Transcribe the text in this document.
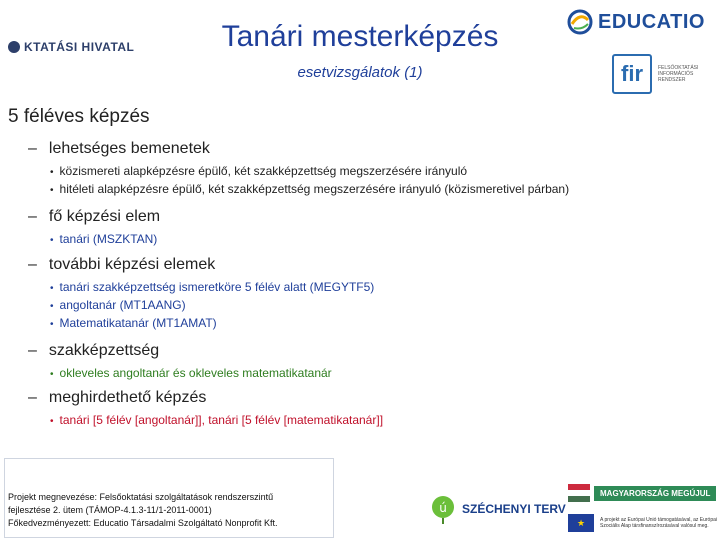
KTATÁSI HIVATAL	Tanári mesterképzés
esetvizsgálatok (1)
EDUCATIO
fir	FELSŐOKTATÁSI INFORMÁCIÓS RENDSZER
5 féléves képzés
– lehetséges bemenetek
• közismereti alapképzésre épülő, két szakképzettség megszerzésére irányuló
• hitéleti alapképzésre épülő, két szakképzettség megszerzésére irányuló (közismeretivel párban)
– fő képzési elem
• tanári (MSZKTAN)
– további képzési elemek
• tanári szakképzettség ismeretköre 5 félév alatt (MEGYTF5)
• angoltanár (MT1AANG)
• Matematikatanár (MT1AMAT)
– szakképzettség
• okleveles angoltanár és okleveles matematikatanár
– meghirdethető képzés
• tanári [5 félév [angoltanár]], tanári [5 félév [matematikatanár]]
Projekt megnevezése: Felsőoktatási szolgáltatások rendszerszintű
fejlesztése 2. ütem (TÁMOP-4.1.3-11/1-2011-0001)
Főkedvezményezett: Educatio Társadalmi Szolgáltató Nonprofit Kft.
ú SZÉCHENYI TERV
MAGYARORSZÁG MEGÚJUL
★	A projekt az Európai Unió támogatásával, az Európai Szociális Alap társfinanszírozásával valósul meg.
